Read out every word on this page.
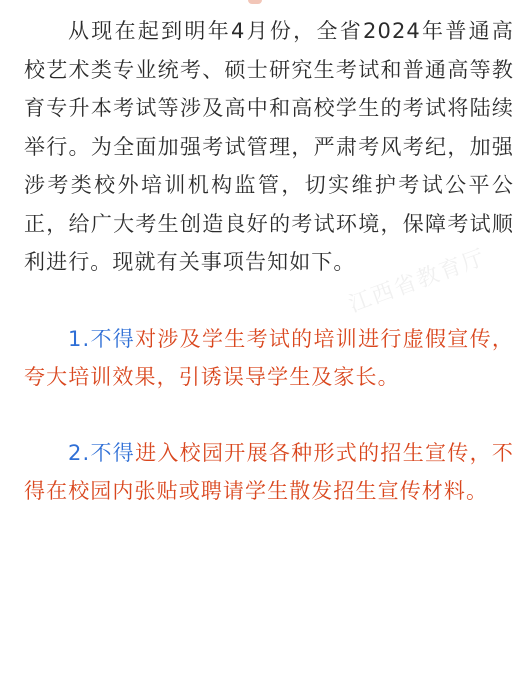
从现在起到明年4月份，全省2024年普通高校艺术类专业统考、硕士研究生考试和普通高等教育专升本考试等涉及高中和高校学生的考试将陆续举行。为全面加强考试管理，严肃考风考纪，加强涉考类校外培训机构监管，切实维护考试公平公正，给广大考生创造良好的考试环境，保障考试顺利进行。现就有关事项告知如下。

1.不得对涉及学生考试的培训进行虚假宣传，夸大培训效果，引诱误导学生及家长。

2.不得进入校园开展各种形式的招生宣传，不得在校园内张贴或聘请学生散发招生宣传材料。

江西省教育厅
